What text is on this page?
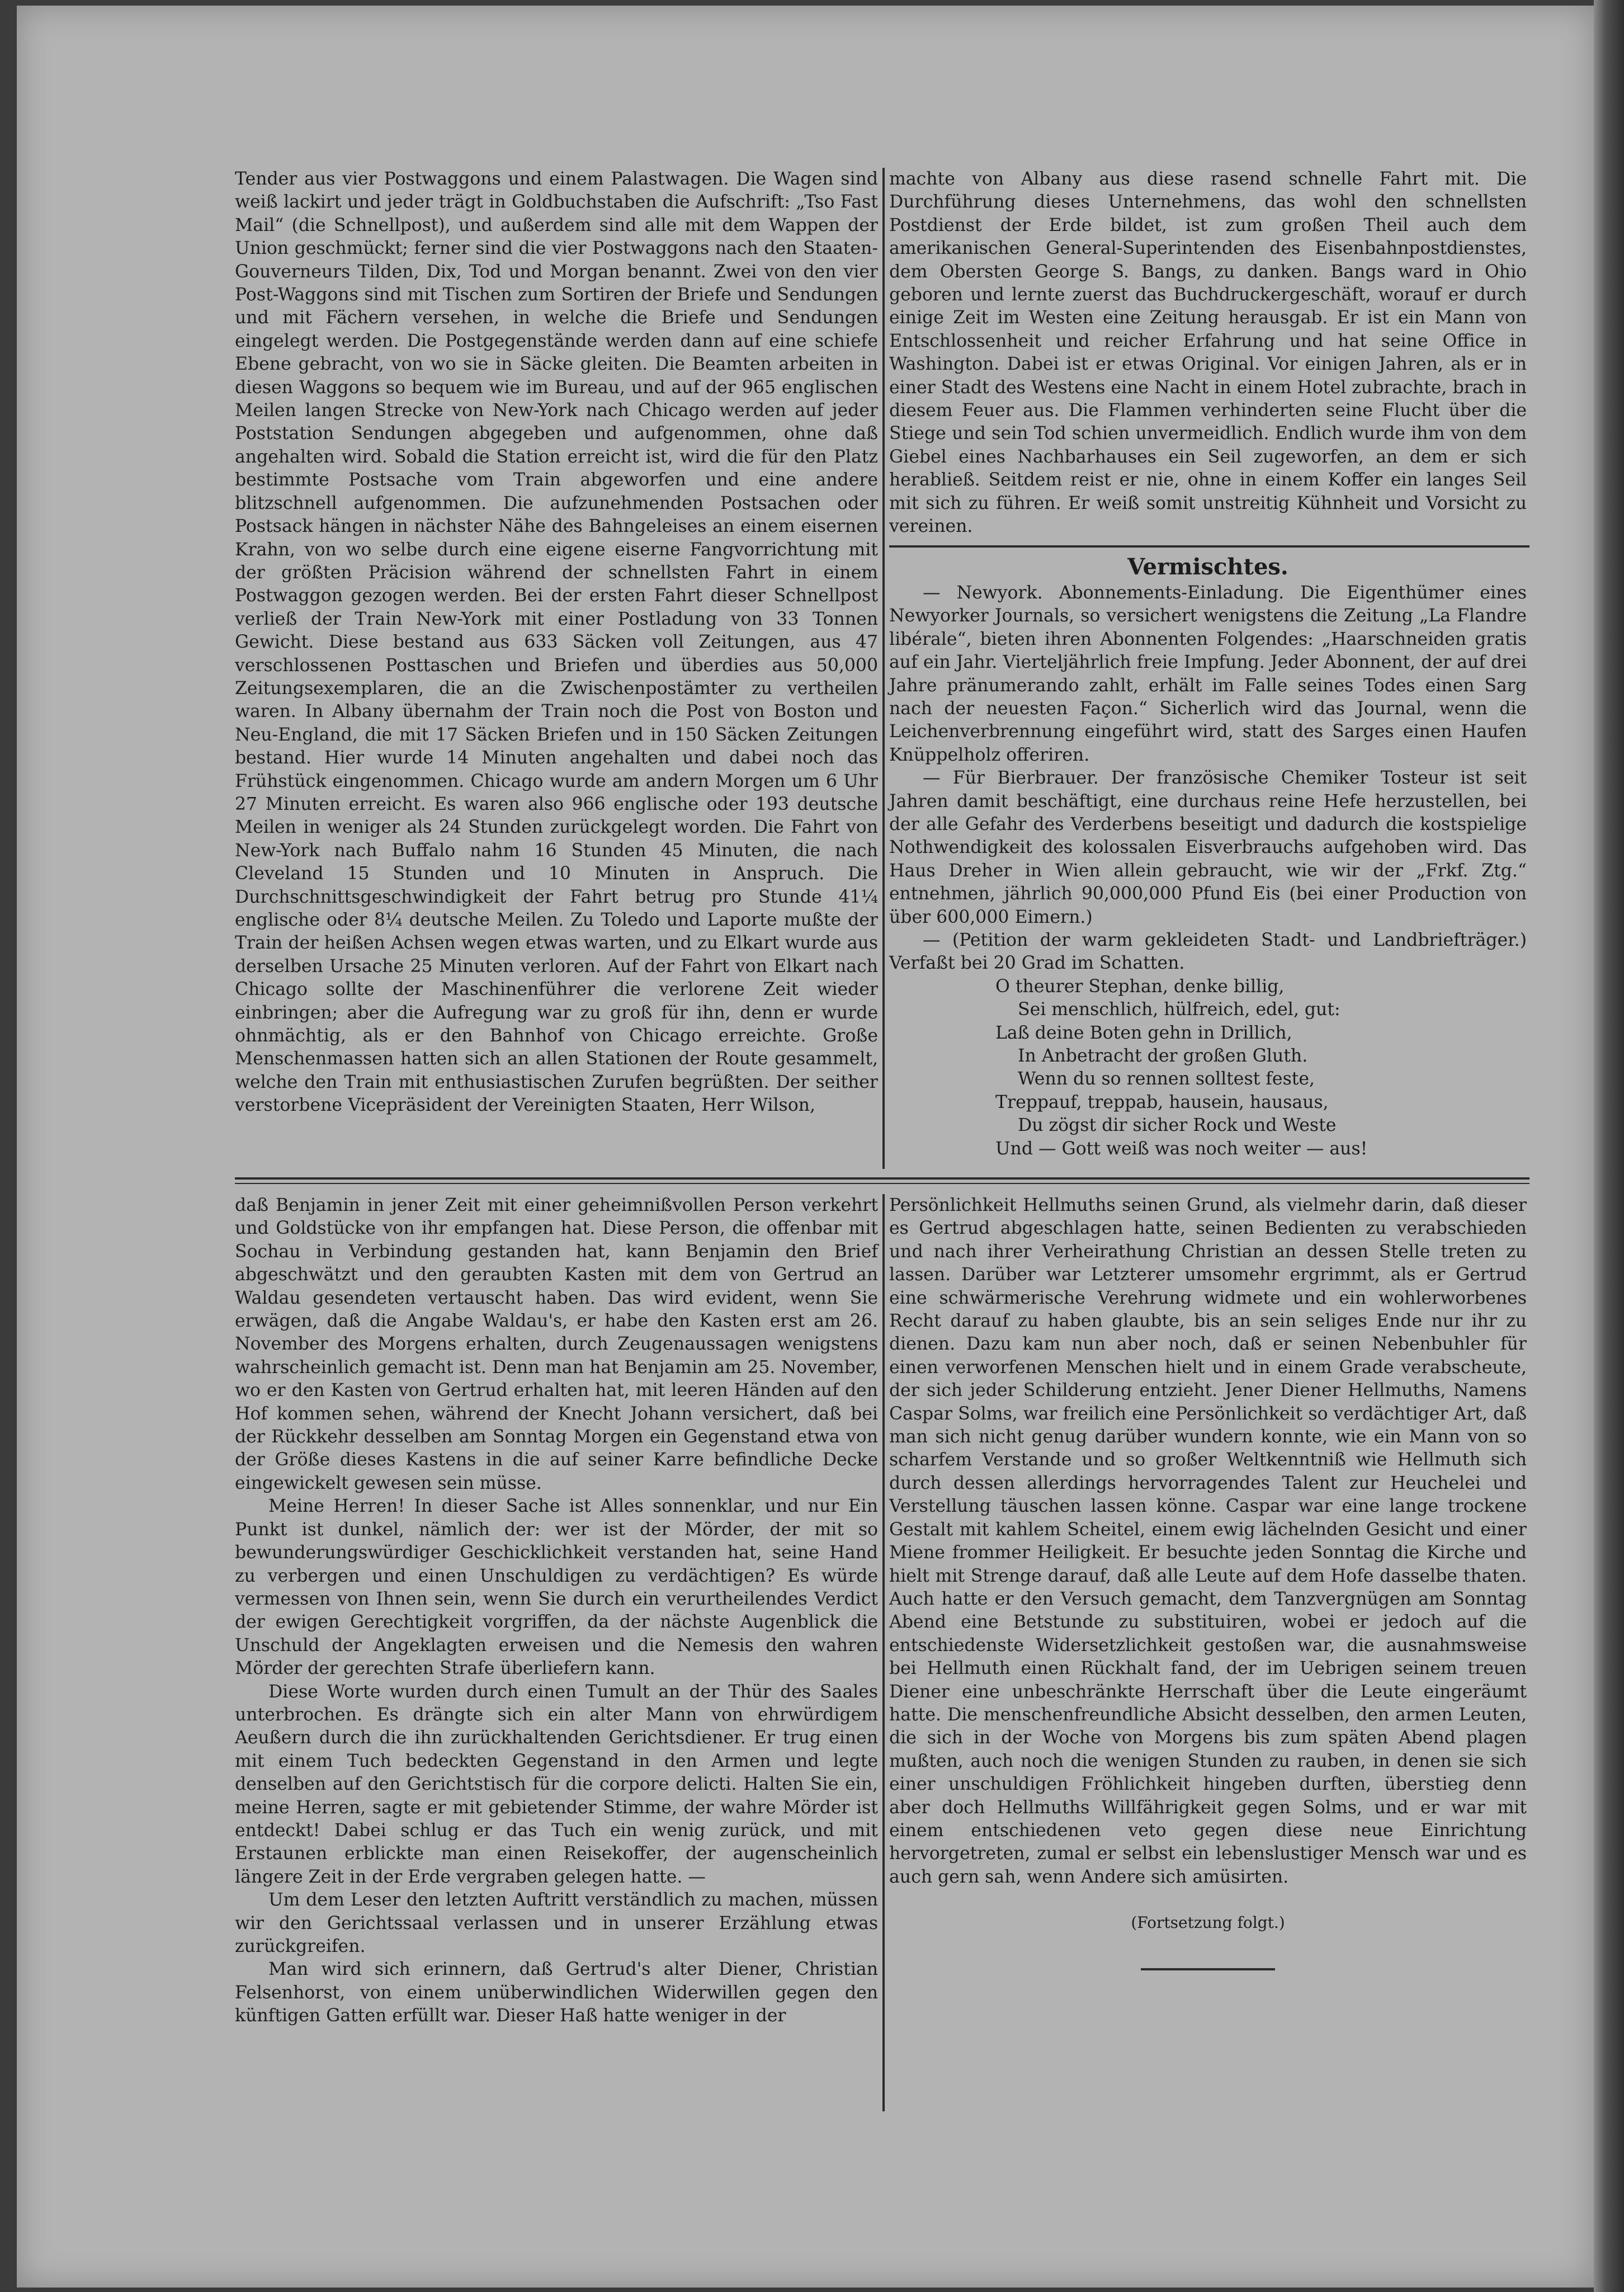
Tender aus vier Postwaggons und einem Palastwagen. Die Wagen sind weiß lackirt und jeder trägt in Goldbuchstaben die Aufschrift: „Tso Fast Mail“ (die Schnellpost), und außerdem sind alle mit dem Wappen der Union geschmückt; ferner sind die vier Postwaggons nach den Staaten-Gouverneurs Tilden, Dix, Tod und Morgan benannt. Zwei von den vier Post-Waggons sind mit Tischen zum Sortiren der Briefe und Sendungen und mit Fächern versehen, in welche die Briefe und Sendungen eingelegt werden. Die Postgegenstände werden dann auf eine schiefe Ebene gebracht, von wo sie in Säcke gleiten. Die Beamten arbeiten in diesen Waggons so bequem wie im Bureau, und auf der 965 englischen Meilen langen Strecke von New-York nach Chicago werden auf jeder Poststation Sendungen abgegeben und aufgenommen, ohne daß angehalten wird. Sobald die Station erreicht ist, wird die für den Platz bestimmte Postsache vom Train abgeworfen und eine andere blitzschnell aufgenommen. Die aufzunehmenden Postsachen oder Postsack hängen in nächster Nähe des Bahngeleises an einem eisernen Krahn, von wo selbe durch eine eigene eiserne Fangvorrichtung mit der größten Präcision während der schnellsten Fahrt in einem Postwaggon gezogen werden. Bei der ersten Fahrt dieser Schnellpost verließ der Train New-York mit einer Postladung von 33 Tonnen Gewicht. Diese bestand aus 633 Säcken voll Zeitungen, aus 47 verschlossenen Posttaschen und Briefen und überdies aus 50,000 Zeitungsexemplaren, die an die Zwischenpostämter zu vertheilen waren. In Albany übernahm der Train noch die Post von Boston und Neu-England, die mit 17 Säcken Briefen und in 150 Säcken Zeitungen bestand. Hier wurde 14 Minuten angehalten und dabei noch das Frühstück eingenommen. Chicago wurde am andern Morgen um 6 Uhr 27 Minuten erreicht. Es waren also 966 englische oder 193 deutsche Meilen in weniger als 24 Stunden zurückgelegt worden. Die Fahrt von New-York nach Buffalo nahm 16 Stunden 45 Minuten, die nach Cleveland 15 Stunden und 10 Minuten in Anspruch. Die Durchschnittsgeschwindigkeit der Fahrt betrug pro Stunde 41¼ englische oder 8¼ deutsche Meilen. Zu Toledo und Laporte mußte der Train der heißen Achsen wegen etwas warten, und zu Elkart wurde aus derselben Ursache 25 Minuten verloren. Auf der Fahrt von Elkart nach Chicago sollte der Maschinenführer die verlorene Zeit wieder einbringen; aber die Aufregung war zu groß für ihn, denn er wurde ohnmächtig, als er den Bahnhof von Chicago erreichte. Große Menschenmassen hatten sich an allen Stationen der Route gesammelt, welche den Train mit enthusiastischen Zurufen begrüßten. Der seither verstorbene Vicepräsident der Vereinigten Staaten, Herr Wilson,

machte von Albany aus diese rasend schnelle Fahrt mit. Die Durchführung dieses Unternehmens, das wohl den schnellsten Postdienst der Erde bildet, ist zum großen Theil auch dem amerikanischen General-Superintenden des Eisenbahnpostdienstes, dem Obersten George S. Bangs, zu danken. Bangs ward in Ohio geboren und lernte zuerst das Buchdruckergeschäft, worauf er durch einige Zeit im Westen eine Zeitung herausgab. Er ist ein Mann von Entschlossenheit und reicher Erfahrung und hat seine Office in Washington. Dabei ist er etwas Original. Vor einigen Jahren, als er in einer Stadt des Westens eine Nacht in einem Hotel zubrachte, brach in diesem Feuer aus. Die Flammen verhinderten seine Flucht über die Stiege und sein Tod schien unvermeidlich. Endlich wurde ihm von dem Giebel eines Nachbarhauses ein Seil zugeworfen, an dem er sich herabließ. Seitdem reist er nie, ohne in einem Koffer ein langes Seil mit sich zu führen. Er weiß somit unstreitig Kühnheit und Vorsicht zu vereinen.

Vermischtes.

— Newyork. Abonnements-Einladung. Die Eigenthümer eines Newyorker Journals, so versichert wenigstens die Zeitung „La Flandre libérale“, bieten ihren Abonnenten Folgendes: „Haarschneiden gratis auf ein Jahr. Vierteljährlich freie Impfung. Jeder Abonnent, der auf drei Jahre pränumerando zahlt, erhält im Falle seines Todes einen Sarg nach der neuesten Façon.“ Sicherlich wird das Journal, wenn die Leichenverbrennung eingeführt wird, statt des Sarges einen Haufen Knüppelholz offeriren.

— Für Bierbrauer. Der französische Chemiker Tosteur ist seit Jahren damit beschäftigt, eine durchaus reine Hefe herzustellen, bei der alle Gefahr des Verderbens beseitigt und dadurch die kostspielige Nothwendigkeit des kolossalen Eisverbrauchs aufgehoben wird. Das Haus Dreher in Wien allein gebraucht, wie wir der „Frkf. Ztg.“ entnehmen, jährlich 90,000,000 Pfund Eis (bei einer Production von über 600,000 Eimern.)

— (Petition der warm gekleideten Stadt- und Landbriefträger.) Verfaßt bei 20 Grad im Schatten.

O theurer Stephan, denke billig,

Sei menschlich, hülfreich, edel, gut:

Laß deine Boten gehn in Drillich,

In Anbetracht der großen Gluth.

Wenn du so rennen solltest feste,

Treppauf, treppab, hausein, hausaus,

Du zögst dir sicher Rock und Weste

Und — Gott weiß was noch weiter — aus!

daß Benjamin in jener Zeit mit einer geheimnißvollen Person verkehrt und Goldstücke von ihr empfangen hat. Diese Person, die offenbar mit Sochau in Verbindung gestanden hat, kann Benjamin den Brief abgeschwätzt und den geraubten Kasten mit dem von Gertrud an Waldau gesendeten vertauscht haben. Das wird evident, wenn Sie erwägen, daß die Angabe Waldau's, er habe den Kasten erst am 26. November des Morgens erhalten, durch Zeugenaussagen wenigstens wahrscheinlich gemacht ist. Denn man hat Benjamin am 25. November, wo er den Kasten von Gertrud erhalten hat, mit leeren Händen auf den Hof kommen sehen, während der Knecht Johann versichert, daß bei der Rückkehr desselben am Sonntag Morgen ein Gegenstand etwa von der Größe dieses Kastens in die auf seiner Karre befindliche Decke eingewickelt gewesen sein müsse.

Meine Herren! In dieser Sache ist Alles sonnenklar, und nur Ein Punkt ist dunkel, nämlich der: wer ist der Mörder, der mit so bewunderungswürdiger Geschicklichkeit verstanden hat, seine Hand zu verbergen und einen Unschuldigen zu verdächtigen? Es würde vermessen von Ihnen sein, wenn Sie durch ein verurtheilendes Verdict der ewigen Gerechtigkeit vorgriffen, da der nächste Augenblick die Unschuld der Angeklagten erweisen und die Nemesis den wahren Mörder der gerechten Strafe überliefern kann.

Diese Worte wurden durch einen Tumult an der Thür des Saales unterbrochen. Es drängte sich ein alter Mann von ehrwürdigem Aeußern durch die ihn zurückhaltenden Gerichtsdiener. Er trug einen mit einem Tuch bedeckten Gegenstand in den Armen und legte denselben auf den Gerichtstisch für die corpore delicti. Halten Sie ein, meine Herren, sagte er mit gebietender Stimme, der wahre Mörder ist entdeckt! Dabei schlug er das Tuch ein wenig zurück, und mit Erstaunen erblickte man einen Reisekoffer, der augenscheinlich längere Zeit in der Erde vergraben gelegen hatte. —

Um dem Leser den letzten Auftritt verständlich zu machen, müssen wir den Gerichtssaal verlassen und in unserer Erzählung etwas zurückgreifen.

Man wird sich erinnern, daß Gertrud's alter Diener, Christian Felsenhorst, von einem unüberwindlichen Widerwillen gegen den künftigen Gatten erfüllt war. Dieser Haß hatte weniger in der

Persönlichkeit Hellmuths seinen Grund, als vielmehr darin, daß dieser es Gertrud abgeschlagen hatte, seinen Bedienten zu verabschieden und nach ihrer Verheirathung Christian an dessen Stelle treten zu lassen. Darüber war Letzterer umsomehr ergrimmt, als er Gertrud eine schwärmerische Verehrung widmete und ein wohlerworbenes Recht darauf zu haben glaubte, bis an sein seliges Ende nur ihr zu dienen. Dazu kam nun aber noch, daß er seinen Nebenbuhler für einen verworfenen Menschen hielt und in einem Grade verabscheute, der sich jeder Schilderung entzieht. Jener Diener Hellmuths, Namens Caspar Solms, war freilich eine Persönlichkeit so verdächtiger Art, daß man sich nicht genug darüber wundern konnte, wie ein Mann von so scharfem Verstande und so großer Weltkenntniß wie Hellmuth sich durch dessen allerdings hervorragendes Talent zur Heuchelei und Verstellung täuschen lassen könne. Caspar war eine lange trockene Gestalt mit kahlem Scheitel, einem ewig lächelnden Gesicht und einer Miene frommer Heiligkeit. Er besuchte jeden Sonntag die Kirche und hielt mit Strenge darauf, daß alle Leute auf dem Hofe dasselbe thaten. Auch hatte er den Versuch gemacht, dem Tanzvergnügen am Sonntag Abend eine Betstunde zu substituiren, wobei er jedoch auf die entschiedenste Widersetzlichkeit gestoßen war, die ausnahmsweise bei Hellmuth einen Rückhalt fand, der im Uebrigen seinem treuen Diener eine unbeschränkte Herrschaft über die Leute eingeräumt hatte. Die menschenfreundliche Absicht desselben, den armen Leuten, die sich in der Woche von Morgens bis zum späten Abend plagen mußten, auch noch die wenigen Stunden zu rauben, in denen sie sich einer unschuldigen Fröhlichkeit hingeben durften, überstieg denn aber doch Hellmuths Willfährigkeit gegen Solms, und er war mit einem entschiedenen veto gegen diese neue Einrichtung hervorgetreten, zumal er selbst ein lebenslustiger Mensch war und es auch gern sah, wenn Andere sich amüsirten.

(Fortsetzung folgt.)
